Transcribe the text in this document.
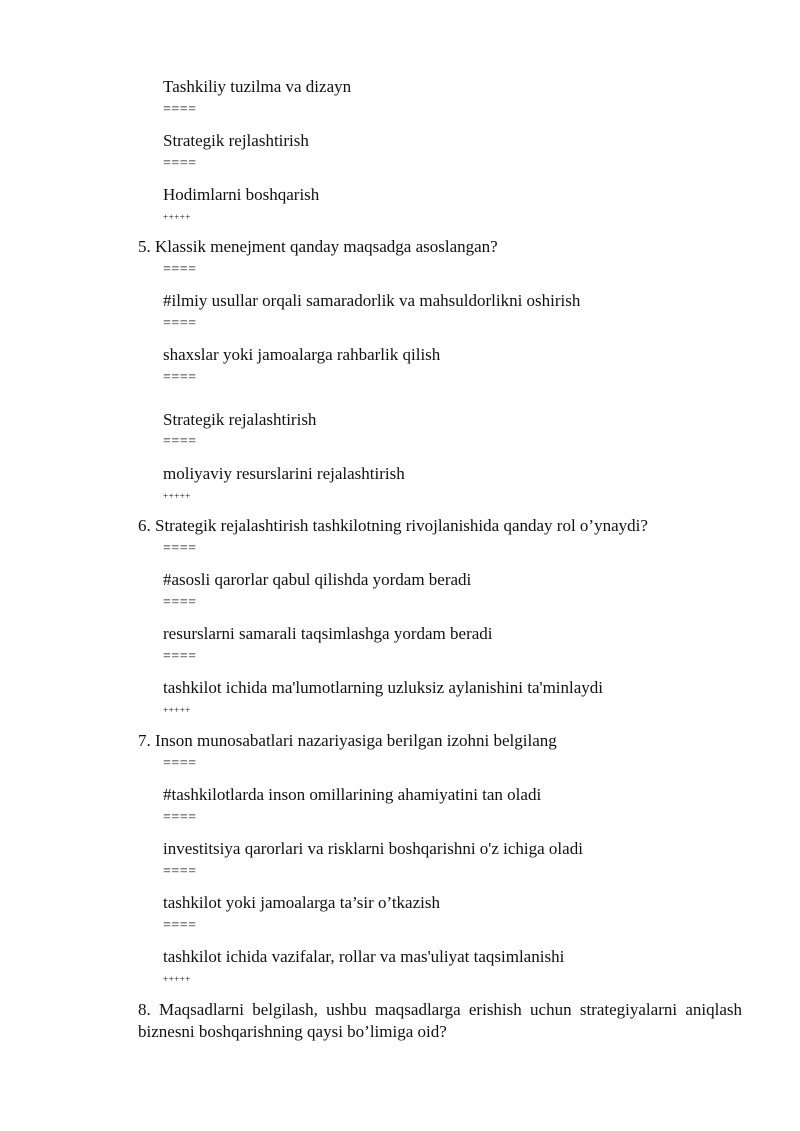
Tashkiliy tuzilma va dizayn
====
Strategik rejlashtirish
====
Hodimlarni boshqarish
+++++
5. Klassik menejment qanday maqsadga asoslangan?
====
#ilmiy usullar orqali samaradorlik va mahsuldorlikni oshirish
====
shaxslar yoki jamoalarga rahbarlik qilish
====
Strategik rejalashtirish
====
moliyaviy resurslarini rejalashtirish
+++++
6. Strategik rejalashtirish tashkilotning rivojlanishida qanday rol o’ynaydi?
====
#asosli qarorlar qabul qilishda yordam beradi
====
resurslarni samarali taqsimlashga yordam beradi
====
tashkilot ichida ma'lumotlarning uzluksiz aylanishini ta'minlaydi
+++++
7. Inson munosabatlari nazariyasiga berilgan izohni belgilang
====
#tashkilotlarda inson omillarining ahamiyatini tan oladi
====
investitsiya qarorlari va risklarni boshqarishni o'z ichiga oladi
====
tashkilot yoki jamoalarga ta’sir o’tkazish
====
tashkilot ichida vazifalar, rollar va mas'uliyat taqsimlanishi
+++++
8. Maqsadlarni belgilash, ushbu maqsadlarga erishish uchun strategiyalarni aniqlash biznesni boshqarishning qaysi bo’limiga oid?
